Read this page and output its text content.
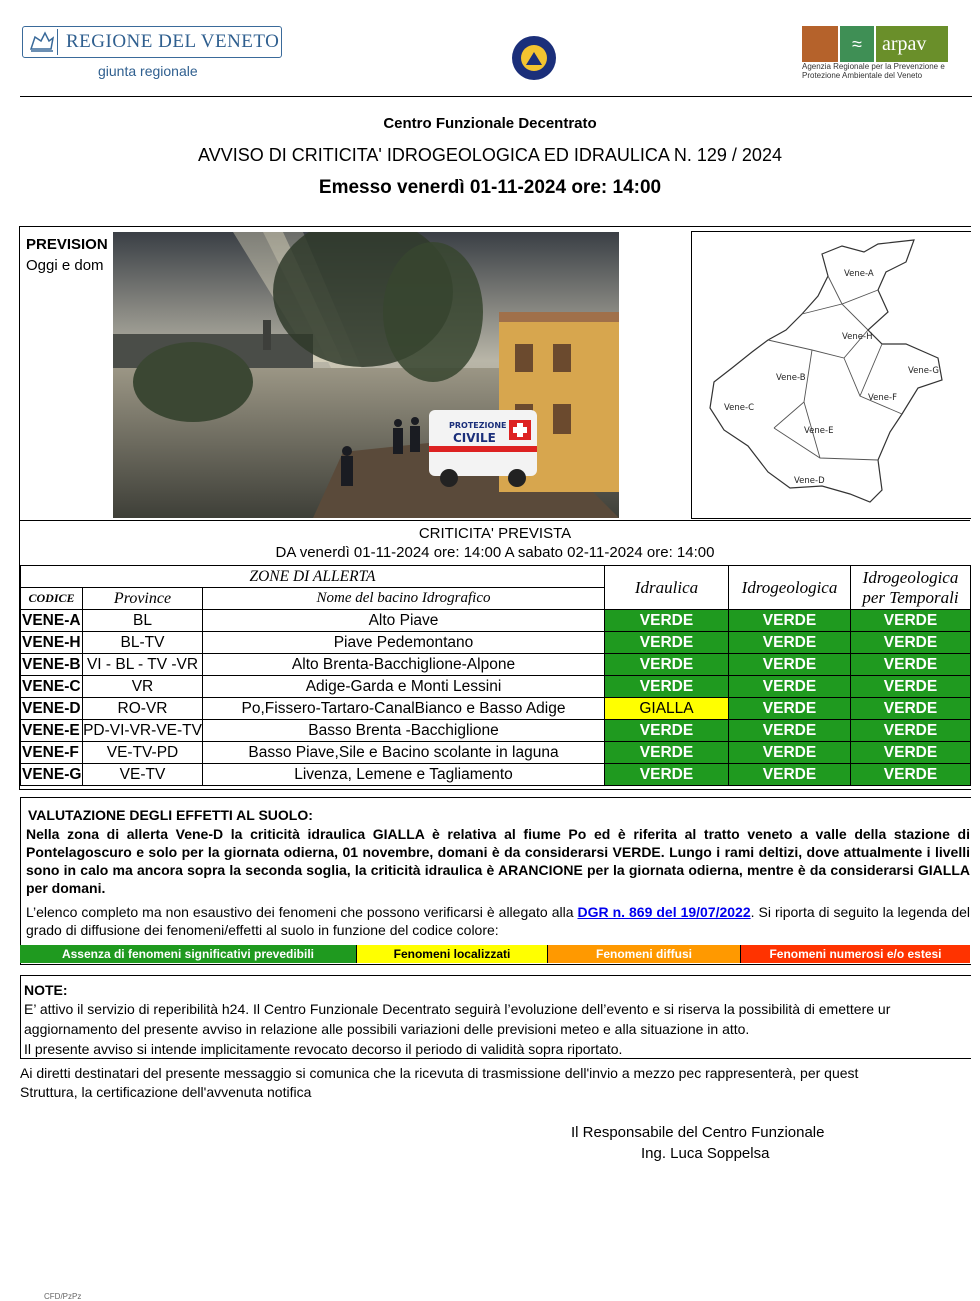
REGIONE DEL VENETO
giunta regionale
≈	arpav
Agenzia Regionale per la Prevenzione e Protezione Ambientale del Veneto
Centro Funzionale Decentrato
AVVISO DI CRITICITA' IDROGEOLOGICA ED IDRAULICA N. 129 / 2024
Emesso venerdì 01-11-2024 ore: 14:00
PREVISION
Oggi e dom
PROTEZIONE
CIVILE
Vene-A
Vene-H
Vene-B
Vene-G
Vene-C
Vene-F
Vene-E
Vene-D
CRITICITA' PREVISTA
DA venerdì 01-11-2024 ore: 14:00 A sabato 02-11-2024 ore: 14:00
ZONE DI ALLERTA			Idraulica	Idrogeologica	Idrogeologica
per Temporali
CODICE	Province	Nome del bacino Idrografico			
VENE-A	BL	Alto Piave	VERDE	VERDE	VERDE
VENE-H	BL-TV	Piave Pedemontano	VERDE	VERDE	VERDE
VENE-B	VI - BL - TV -VR	Alto Brenta-Bacchiglione-Alpone	VERDE	VERDE	VERDE
VENE-C	VR	Adige-Garda e Monti Lessini	VERDE	VERDE	VERDE
VENE-D	RO-VR	Po,Fissero-Tartaro-CanalBianco e Basso Adige	GIALLA	VERDE	VERDE
VENE-E	PD-VI-VR-VE-TV	Basso Brenta -Bacchiglione	VERDE	VERDE	VERDE
VENE-F	VE-TV-PD	Basso Piave,Sile e Bacino scolante in laguna	VERDE	VERDE	VERDE
VENE-G	VE-TV	Livenza, Lemene e Tagliamento	VERDE	VERDE	VERDE
VALUTAZIONE DEGLI EFFETTI AL SUOLO:
Nella zona di allerta Vene-D la criticità idraulica GIALLA è relativa al fiume Po ed è riferita al tratto veneto a valle della stazione di Pontelagoscuro e solo per la giornata odierna, 01 novembre, domani è da considerarsi VERDE. Lungo i rami deltizi, dove attualmente i livelli sono in calo ma ancora sopra la seconda soglia, la criticità idraulica è ARANCIONE per la giornata odierna, mentre è da considerarsi GIALLA per domani.
L’elenco completo ma non esaustivo dei fenomeni che possono verificarsi è allegato alla DGR n. 869 del 19/07/2022. Si riporta di seguito la legenda del grado di diffusione dei fenomeni/effetti al suolo in funzione del codice colore:
Assenza di fenomeni significativi prevedibili	Fenomeni localizzati	Fenomeni diffusi	Fenomeni numerosi e/o estesi
NOTE:
E’ attivo il servizio di reperibilità h24. Il Centro Funzionale Decentrato seguirà l’evoluzione dell’evento e si riserva la possibilità di emettere ur
aggiornamento del presente avviso in relazione alle possibili variazioni delle previsioni meteo e alla situazione in atto.
Il presente avviso si intende implicitamente revocato decorso il periodo di validità sopra riportato.
Ai diretti destinatari del presente messaggio si comunica che la ricevuta di trasmissione dell'invio a mezzo pec rappresenterà, per quest
Struttura, la certificazione dell'avvenuta notifica
Il Responsabile del Centro Funzionale
Ing. Luca Soppelsa
CFD/PzPz
